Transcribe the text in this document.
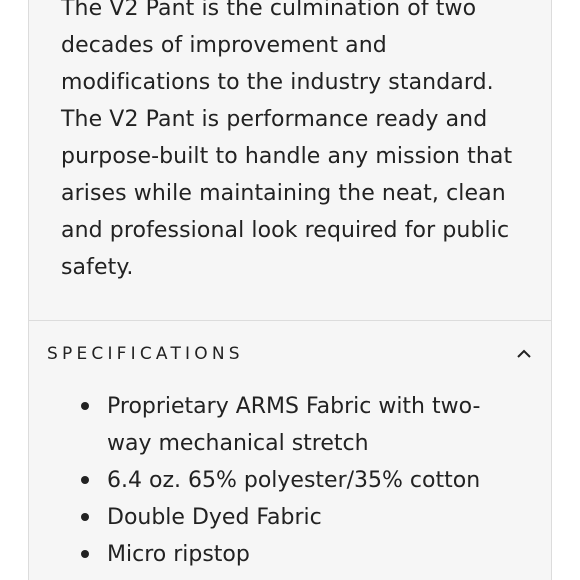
The V2 Pant is the culmination of two decades of improvement and modifications to the industry standard. The V2 Pant is performance ready and purpose-built to handle any mission that arises while maintaining the neat, clean and professional look required for public safety.

SPECIFICATIONS
Proprietary ARMS Fabric with two-way mechanical stretch
6.4 oz. 65% polyester/35% cotton
Double Dyed Fabric
Micro ripstop
